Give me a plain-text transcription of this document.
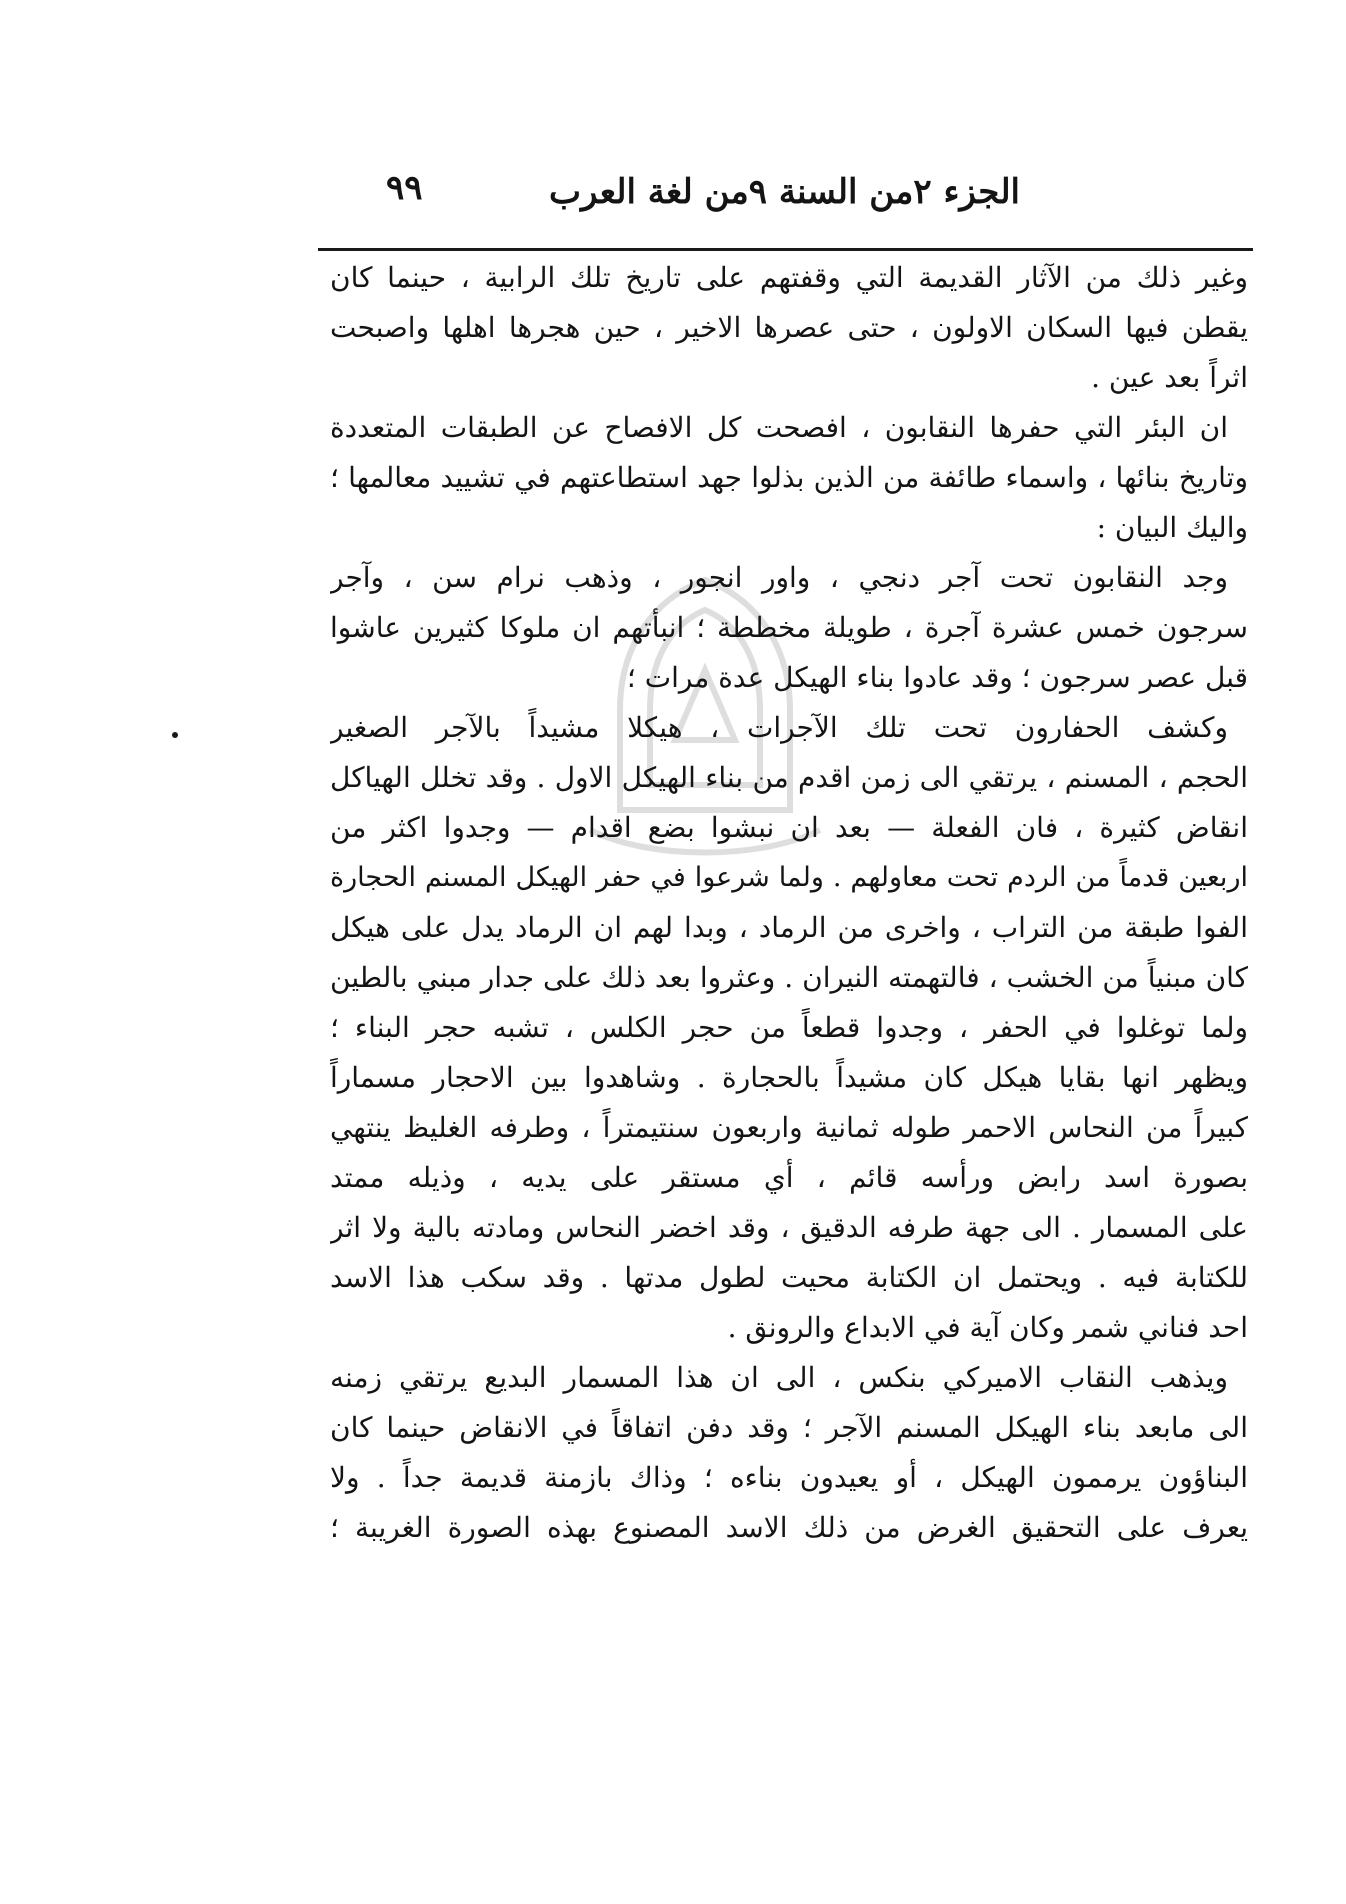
الجزء ٢من السنة ٩من لغة العرب
٩٩
وغير ذلك من الآثار القديمة التي وقفتهم على تاريخ تلك الرابية ، حينما كان
يقطن فيها السكان الاولون ، حتى عصرها الاخير ، حين هجرها اهلها واصبحت
اثراً بعد عين .
ان البئر التي حفرها النقابون ، افصحت كل الافصاح عن الطبقات المتعددة
وتاريخ بنائها ، واسماء طائفة من الذين بذلوا جهد استطاعتهم في تشييد معالمها ؛
واليك البيان :
وجد النقابون تحت آجر دنجي ، واور انجور ، وذهب نرام سن ، وآجر
سرجون خمس عشرة آجرة ، طويلة مخططة ؛ انبأتهم ان ملوكا كثيرين عاشوا
قبل عصر سرجون ؛ وقد عادوا بناء الهيكل عدة مرات ؛
وكشف الحفارون تحت تلك الآجرات ، هيكلا مشيداً بالآجر الصغير
الحجم ، المسنم ، يرتقي الى زمن اقدم من بناء الهيكل الاول . وقد تخلل الهياكل
انقاض كثيرة ، فان الفعلة — بعد ان نبشوا بضع اقدام — وجدوا اكثر من
اربعين قدماً من الردم تحت معاولهم . ولما شرعوا في حفر الهيكل المسنم الحجارة
الفوا طبقة من التراب ، واخرى من الرماد ، وبدا لهم ان الرماد يدل على هيكل
كان مبنياً من الخشب ، فالتهمته النيران . وعثروا بعد ذلك على جدار مبني بالطين
ولما توغلوا في الحفر ، وجدوا قطعاً من حجر الكلس ، تشبه حجر البناء ؛
ويظهر انها بقايا هيكل كان مشيداً بالحجارة . وشاهدوا بين الاحجار مسماراً
كبيراً من النحاس الاحمر طوله ثمانية واربعون سنتيمتراً ، وطرفه الغليظ ينتهي
بصورة اسد رابض ورأسه قائم ، أي مستقر على يديه ، وذيله ممتد
على المسمار . الى جهة طرفه الدقيق ، وقد اخضر النحاس ومادته بالية ولا اثر
للكتابة فيه . ويحتمل ان الكتابة محيت لطول مدتها . وقد سكب هذا الاسد
احد فناني شمر وكان آية في الابداع والرونق .
ويذهب النقاب الاميركي بنكس ، الى ان هذا المسمار البديع يرتقي زمنه
الى مابعد بناء الهيكل المسنم الآجر ؛ وقد دفن اتفاقاً في الانقاض حينما كان
البناؤون يرممون الهيكل ، أو يعيدون بناءه ؛ وذاك بازمنة قديمة جداً . ولا
يعرف على التحقيق الغرض من ذلك الاسد المصنوع بهذه الصورة الغريبة ؛
